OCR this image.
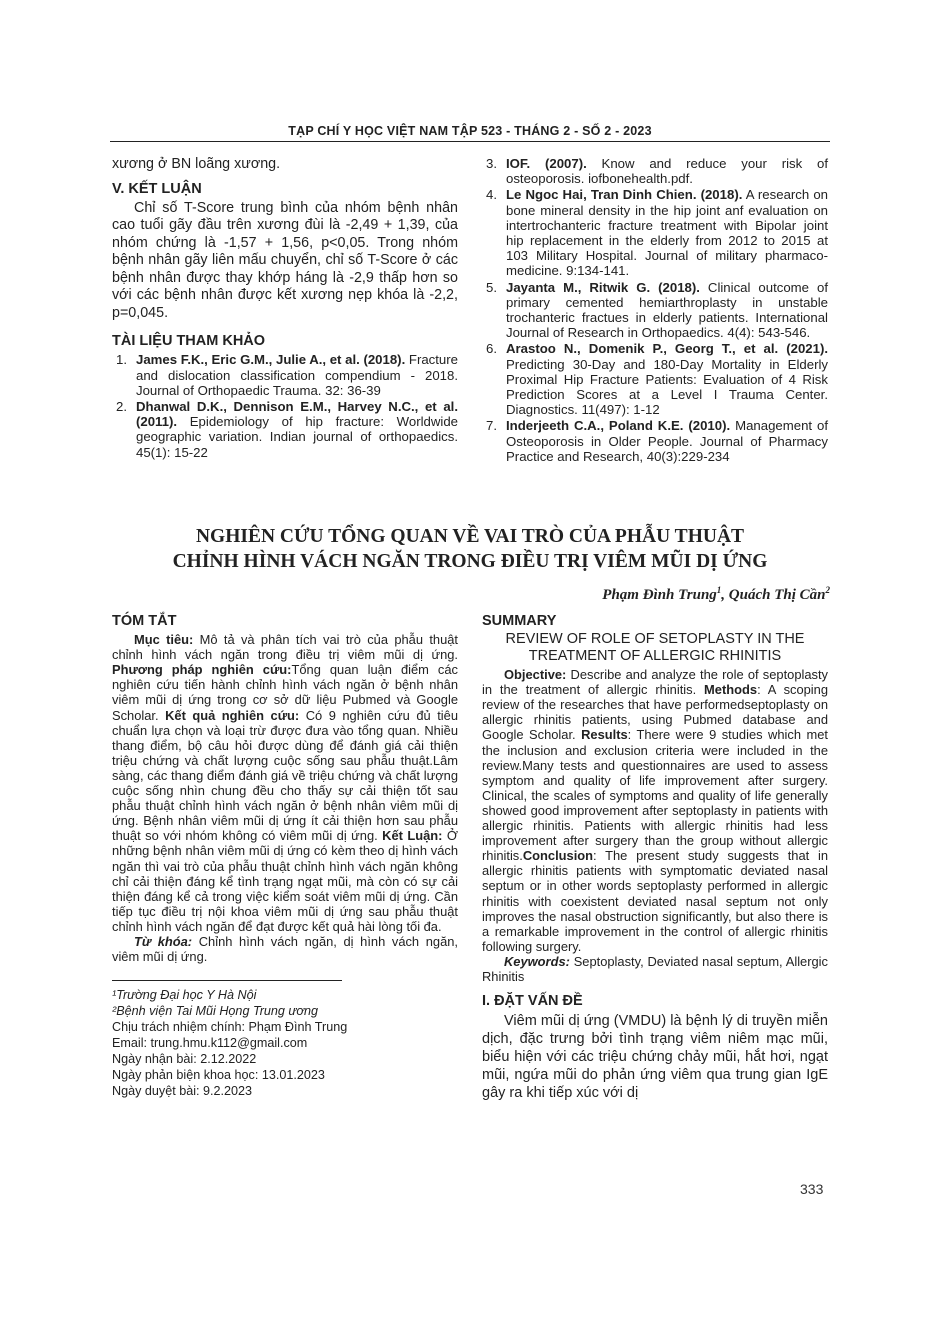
TẠP CHÍ Y HỌC VIỆT NAM TẬP 523 - THÁNG 2 - SỐ 2 - 2023

xương ở BN loãng xương.

V. KẾT LUẬN

Chỉ số T-Score trung bình của nhóm bệnh nhân cao tuổi gãy đầu trên xương đùi là -2,49 + 1,39, của nhóm chứng là -1,57 + 1,56, p<0,05. Trong nhóm bệnh nhân gãy liên mấu chuyển, chỉ số T-Score ở các bệnh nhân được thay khớp háng là -2,9 thấp hơn so với các bệnh nhân được kết xương nẹp khóa là -2,2, p=0,045.

TÀI LIỆU THAM KHẢO
1. James F.K., Eric G.M., Julie A., et al. (2018). Fracture and dislocation classification compendium - 2018. Journal of Orthopaedic Trauma. 32: 36-39
2. Dhanwal D.K., Dennison E.M., Harvey N.C., et al. (2011). Epidemiology of hip fracture: Worldwide geographic variation. Indian journal of orthopaedics. 45(1): 15-22
3. IOF. (2007). Know and reduce your risk of osteoporosis. iofbonehealth.pdf.
4. Le Ngoc Hai, Tran Dinh Chien. (2018). A research on bone mineral density in the hip joint anf evaluation on intertrochanteric fracture treatment with Bipolar joint hip replacement in the elderly from 2012 to 2015 at 103 Military Hospital. Journal of military pharmaco-medicine. 9:134-141.
5. Jayanta M., Ritwik G. (2018). Clinical outcome of primary cemented hemiarthroplasty in unstable trochanteric fractues in elderly patients. International Journal of Research in Orthopaedics. 4(4): 543-546.
6. Arastoo N., Domenik P., Georg T., et al. (2021). Predicting 30-Day and 180-Day Mortality in Elderly Proximal Hip Fracture Patients: Evaluation of 4 Risk Prediction Scores at a Level I Trauma Center. Diagnostics. 11(497): 1-12
7. Inderjeeth C.A., Poland K.E. (2010). Management of Osteoporosis in Older People. Journal of Pharmacy Practice and Research, 40(3):229-234
NGHIÊN CỨU TỔNG QUAN VỀ VAI TRÒ CỦA PHẪU THUẬT
CHỈNH HÌNH VÁCH NGĂN TRONG ĐIỀU TRỊ VIÊM MŨI DỊ ỨNG
Phạm Đình Trung$^1$, Quách Thị Cần$^2$
TÓM TẮT

Mục tiêu: Mô tả và phân tích vai trò của phẫu thuật chỉnh hình vách ngăn trong điều trị viêm mũi dị ứng. Phương pháp nghiên cứu:Tổng quan luận điểm các nghiên cứu tiến hành chỉnh hình vách ngăn ở bệnh nhân viêm mũi dị ứng trong cơ sở dữ liệu Pubmed và Google Scholar. Kết quả nghiên cứu: Có 9 nghiên cứu đủ tiêu chuẩn lựa chọn và loại trừ được đưa vào tổng quan. Nhiều thang điểm, bộ câu hỏi được dùng để đánh giá cải thiện triệu chứng và chất lượng cuộc sống sau phẫu thuật.Lâm sàng, các thang điểm đánh giá về triệu chứng và chất lượng cuộc sống nhìn chung đều cho thấy sự cải thiện tốt sau phẫu thuật chỉnh hình vách ngăn ở bệnh nhân viêm mũi dị ứng. Bệnh nhân viêm mũi dị ứng ít cải thiện hơn sau phẫu thuật so với nhóm không có viêm mũi dị ứng. Kết Luận: Ở những bệnh nhân viêm mũi dị ứng có kèm theo dị hình vách ngăn thì vai trò của phẫu thuật chỉnh hình vách ngăn không chỉ cải thiện đáng kể tình trạng ngạt mũi, mà còn có sự cải thiện đáng kể cả trong việc kiểm soát viêm mũi dị ứng. Cần tiếp tục điều trị nội khoa viêm mũi dị ứng sau phẫu thuật chỉnh hình vách ngăn để đạt được kết quả hài lòng tối đa.

Từ khóa: Chỉnh hình vách ngăn, dị hình vách ngăn, viêm mũi dị ứng.

¹Trường Đại học Y Hà Nội

²Bệnh viện Tai Mũi Họng Trung ương

Chịu trách nhiệm chính: Phạm Đình Trung

Email: trung.hmu.k112@gmail.com

Ngày nhận bài: 2.12.2022

Ngày phản biện khoa học: 13.01.2023

Ngày duyệt bài: 9.2.2023

SUMMARY
REVIEW OF ROLE OF SETOPLASTY IN THE
TREATMENT OF ALLERGIC RHINITIS

Objective: Describe and analyze the role of septoplasty in the treatment of allergic rhinitis. Methods: A scoping review of the researches that have performedseptoplasty on allergic rhinitis patients, using Pubmed database and Google Scholar. Results: There were 9 studies which met the inclusion and exclusion criteria were included in the review.Many tests and questionnaires are used to assess symptom and quality of life improvement after surgery. Clinical, the scales of symptoms and quality of life generally showed good improvement after septoplasty in patients with allergic rhinitis. Patients with allergic rhinitis had less improvement after surgery than the group without allergic rhinitis.Conclusion: The present study suggests that in allergic rhinitis patients with symptomatic deviated nasal septum or in other words septoplasty performed in allergic rhinitis with coexistent deviated nasal septum not only improves the nasal obstruction significantly, but also there is a remarkable improvement in the control of allergic rhinitis following surgery.

Keywords: Septoplasty, Deviated nasal septum, Allergic Rhinitis

I. ĐẶT VẤN ĐỀ

Viêm mũi dị ứng (VMDU) là bệnh lý di truyền miễn dịch, đặc trưng bởi tình trạng viêm niêm mạc mũi, biểu hiện với các triệu chứng chảy mũi, hắt hơi, ngạt mũi, ngứa mũi do phản ứng viêm qua trung gian IgE gây ra khi tiếp xúc với dị

333
